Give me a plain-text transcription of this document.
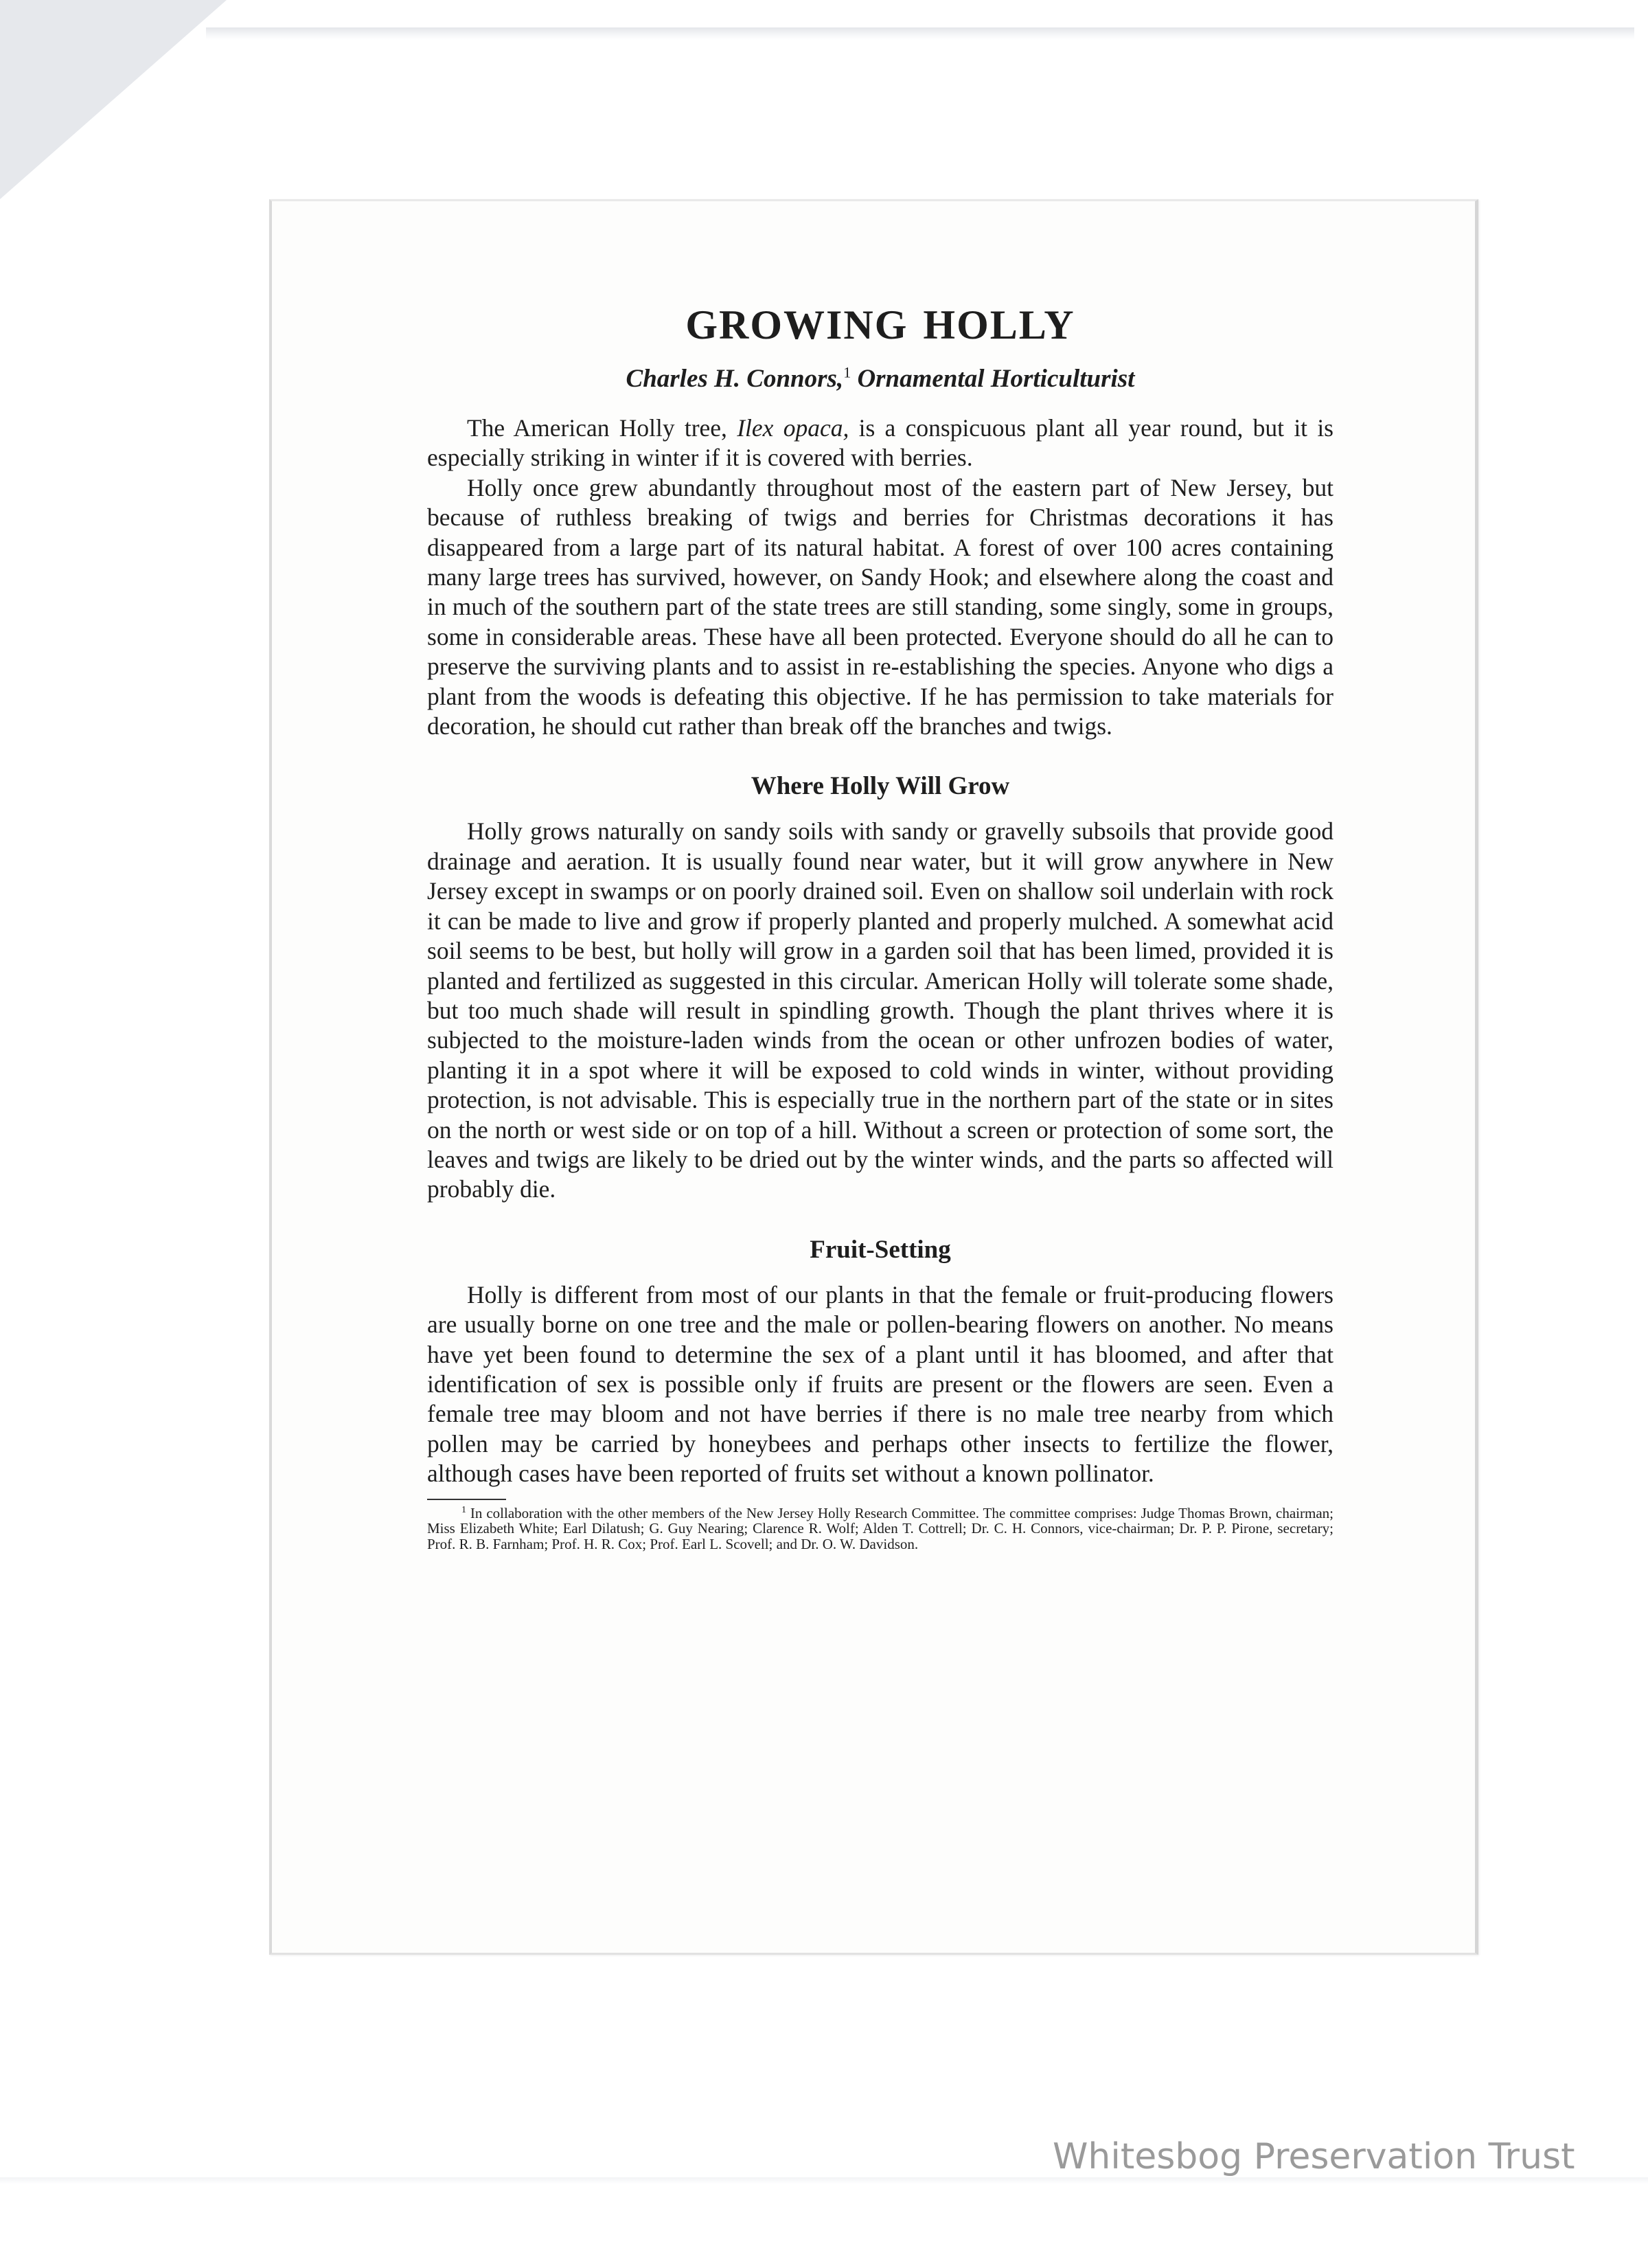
GROWING HOLLY
Charles H. Connors,$^1$ Ornamental Horticulturist

The American Holly tree, Ilex opaca, is a conspicuous plant all year round, but it is especially striking in winter if it is covered with berries.

Holly once grew abundantly throughout most of the eastern part of New Jersey, but because of ruthless breaking of twigs and berries for Christmas decorations it has disappeared from a large part of its natural habitat. A forest of over 100 acres containing many large trees has survived, however, on Sandy Hook; and elsewhere along the coast and in much of the southern part of the state trees are still standing, some singly, some in groups, some in considerable areas. These have all been protected. Everyone should do all he can to preserve the surviving plants and to assist in re-establishing the species. Anyone who digs a plant from the woods is defeating this objective. If he has permission to take materials for decoration, he should cut rather than break off the branches and twigs.

Where Holly Will Grow

Holly grows naturally on sandy soils with sandy or gravelly subsoils that provide good drainage and aeration. It is usually found near water, but it will grow anywhere in New Jersey except in swamps or on poorly drained soil. Even on shallow soil underlain with rock it can be made to live and grow if properly planted and properly mulched. A somewhat acid soil seems to be best, but holly will grow in a garden soil that has been limed, provided it is planted and fertilized as suggested in this circular. American Holly will tolerate some shade, but too much shade will result in spindling growth. Though the plant thrives where it is subjected to the moisture-laden winds from the ocean or other unfrozen bodies of water, planting it in a spot where it will be exposed to cold winds in winter, without providing protection, is not advisable. This is especially true in the northern part of the state or in sites on the north or west side or on top of a hill. Without a screen or protection of some sort, the leaves and twigs are likely to be dried out by the winter winds, and the parts so affected will probably die.

Fruit-Setting

Holly is different from most of our plants in that the female or fruit-producing flowers are usually borne on one tree and the male or pollen-bearing flowers on another. No means have yet been found to determine the sex of a plant until it has bloomed, and after that identification of sex is possible only if fruits are present or the flowers are seen. Even a female tree may bloom and not have berries if there is no male tree nearby from which pollen may be carried by honeybees and perhaps other insects to fertilize the flower, although cases have been reported of fruits set without a known pollinator.

$^1$ In collaboration with the other members of the New Jersey Holly Research Committee. The committee comprises: Judge Thomas Brown, chairman; Miss Elizabeth White; Earl Dilatush; G. Guy Nearing; Clarence R. Wolf; Alden T. Cottrell; Dr. C. H. Connors, vice-chairman; Dr. P. P. Pirone, secretary; Prof. R. B. Farnham; Prof. H. R. Cox; Prof. Earl L. Scovell; and Dr. O. W. Davidson.

Whitesbog Preservation Trust
